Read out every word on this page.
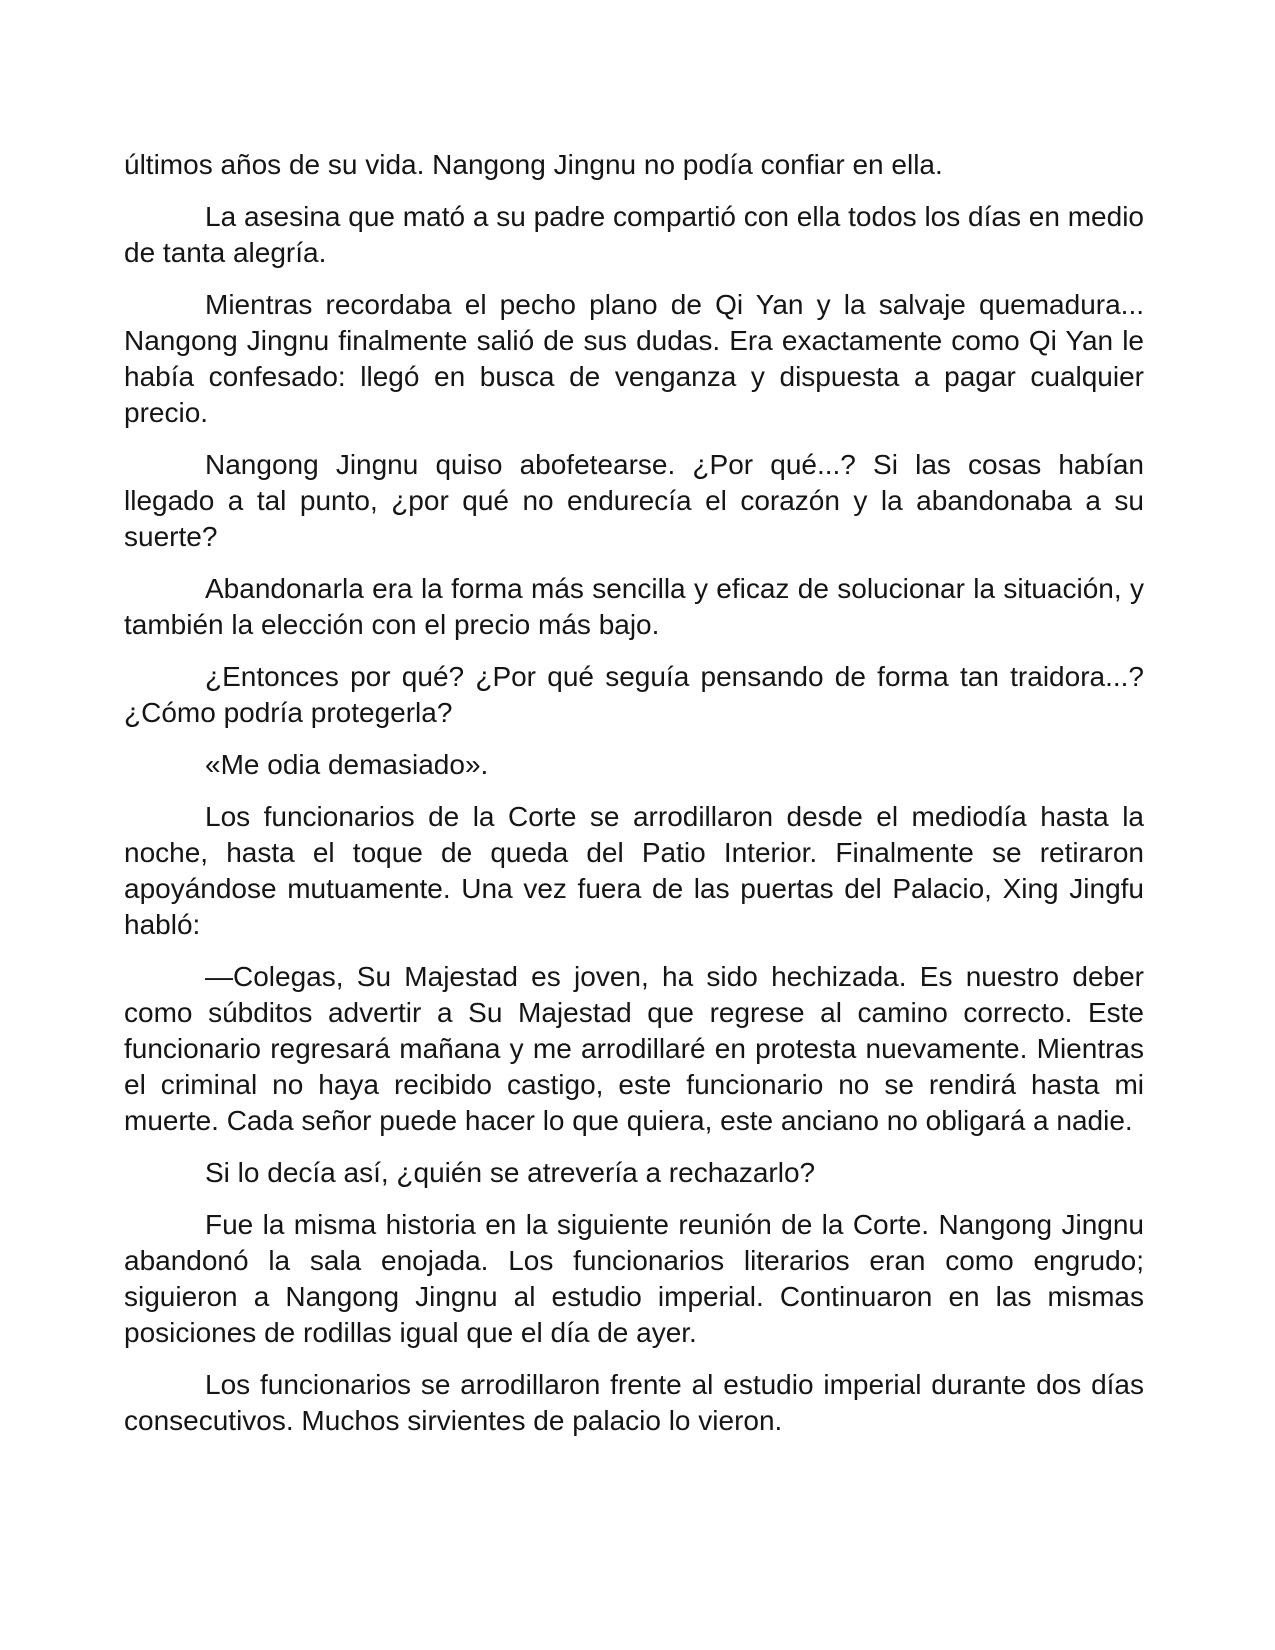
últimos años de su vida. Nangong Jingnu no podía confiar en ella.

La asesina que mató a su padre compartió con ella todos los días en medio de tanta alegría.

Mientras recordaba el pecho plano de Qi Yan y la salvaje quemadura... Nangong Jingnu finalmente salió de sus dudas. Era exactamente como Qi Yan le había confesado: llegó en busca de venganza y dispuesta a pagar cualquier precio.

Nangong Jingnu quiso abofetearse. ¿Por qué...? Si las cosas habían llegado a tal punto, ¿por qué no endurecía el corazón y la abandonaba a su suerte?

Abandonarla era la forma más sencilla y eficaz de solucionar la situación, y también la elección con el precio más bajo.

¿Entonces por qué? ¿Por qué seguía pensando de forma tan traidora...? ¿Cómo podría protegerla?

«Me odia demasiado».

Los funcionarios de la Corte se arrodillaron desde el mediodía hasta la noche, hasta el toque de queda del Patio Interior. Finalmente se retiraron apoyándose mutuamente. Una vez fuera de las puertas del Palacio, Xing Jingfu habló:

—Colegas, Su Majestad es joven, ha sido hechizada. Es nuestro deber como súbditos advertir a Su Majestad que regrese al camino correcto. Este funcionario regresará mañana y me arrodillaré en protesta nuevamente. Mientras el criminal no haya recibido castigo, este funcionario no se rendirá hasta mi muerte. Cada señor puede hacer lo que quiera, este anciano no obligará a nadie.

Si lo decía así, ¿quién se atrevería a rechazarlo?

Fue la misma historia en la siguiente reunión de la Corte. Nangong Jingnu abandonó la sala enojada. Los funcionarios literarios eran como engrudo; siguieron a Nangong Jingnu al estudio imperial. Continuaron en las mismas posiciones de rodillas igual que el día de ayer.

Los funcionarios se arrodillaron frente al estudio imperial durante dos días consecutivos. Muchos sirvientes de palacio lo vieron.
